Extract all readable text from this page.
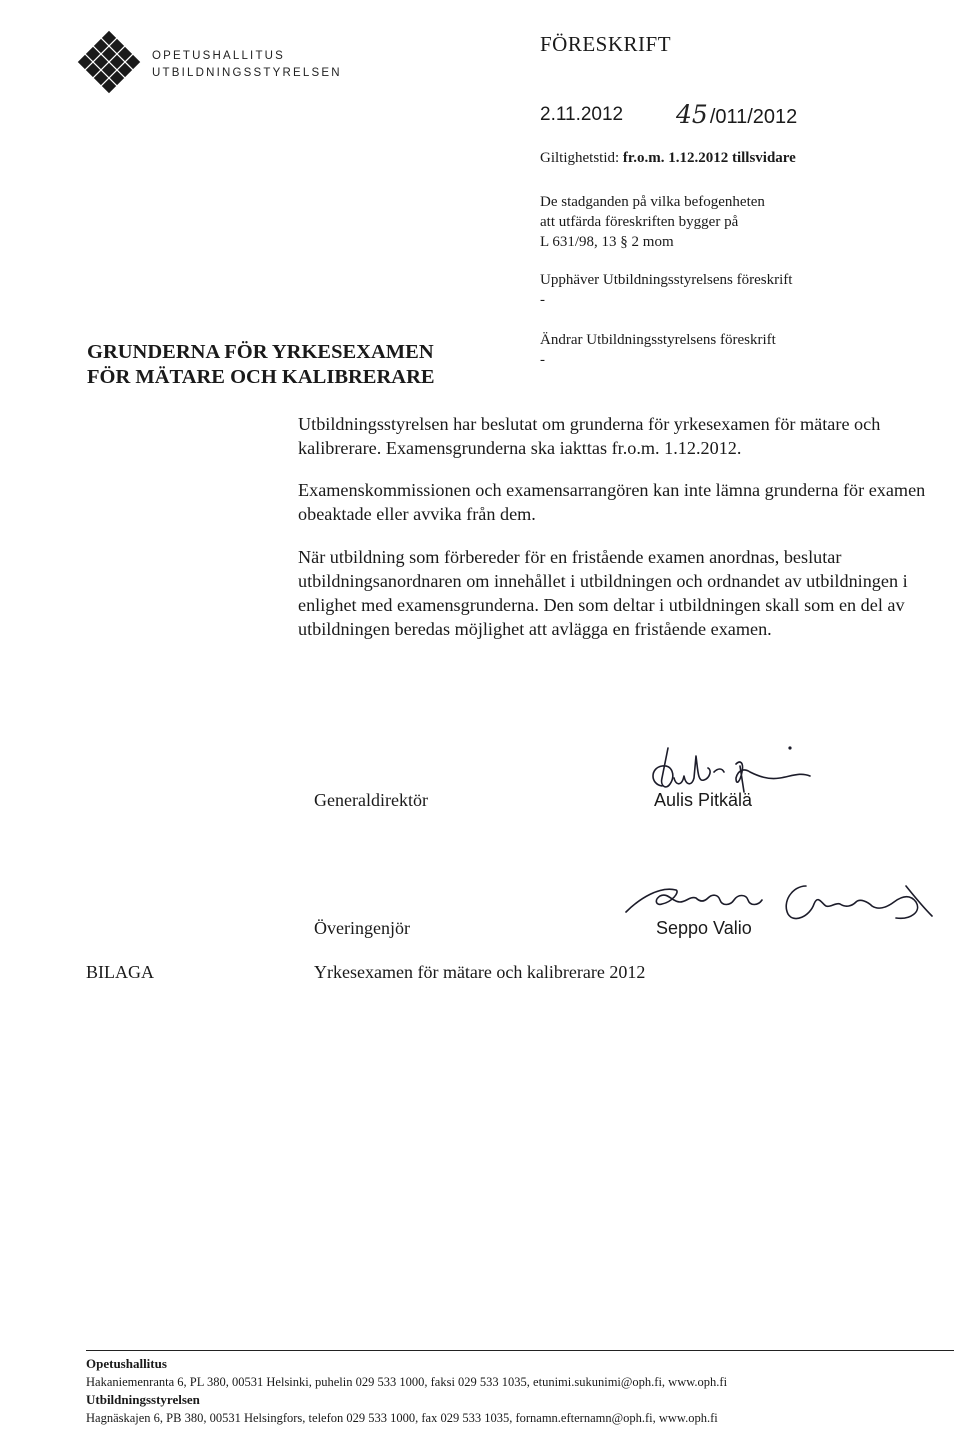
OPETUSHALLITUS
UTBILDNINGSSTYRELSEN
FÖRESKRIFT
2.11.2012 45 /011/2012
Giltighetstid: fr.o.m. 1.12.2012 tillsvidare
De stadganden på vilka befogenheten
att utfärda föreskriften bygger på
L 631/98, 13 § 2 mom
Upphäver Utbildningsstyrelsens föreskrift
-
Ändrar Utbildningsstyrelsens föreskrift
-
GRUNDERNA FÖR YRKESEXAMEN
FÖR MÄTARE OCH KALIBRERARE
Utbildningsstyrelsen har beslutat om grunderna för yrkesexamen för mätare och kalibrerare. Examensgrunderna ska iakttas fr.o.m. 1.12.2012.
Examenskommissionen och examensarrangören kan inte lämna grunderna för examen obeaktade eller avvika från dem.
När utbildning som förbereder för en fristående examen anordnas, beslutar utbildningsanordnaren om innehållet i utbildningen och ordnandet av utbildningen i enlighet med examensgrunderna. Den som deltar i utbildningen skall som en del av utbildningen beredas möjlighet att avlägga en fristående examen.
Generaldirektör	Aulis Pitkälä
Överingenjör	Seppo Valio
BILAGA	Yrkesexamen för mätare och kalibrerare 2012
Opetushallitus
Hakaniemenranta 6, PL 380, 00531 Helsinki, puhelin 029 533 1000, faksi 029 533 1035, etunimi.sukunimi@oph.fi, www.oph.fi
Utbildningsstyrelsen
Hagnäskajen 6, PB 380, 00531 Helsingfors, telefon 029 533 1000, fax 029 533 1035, fornamn.efternamn@oph.fi, www.oph.fi
